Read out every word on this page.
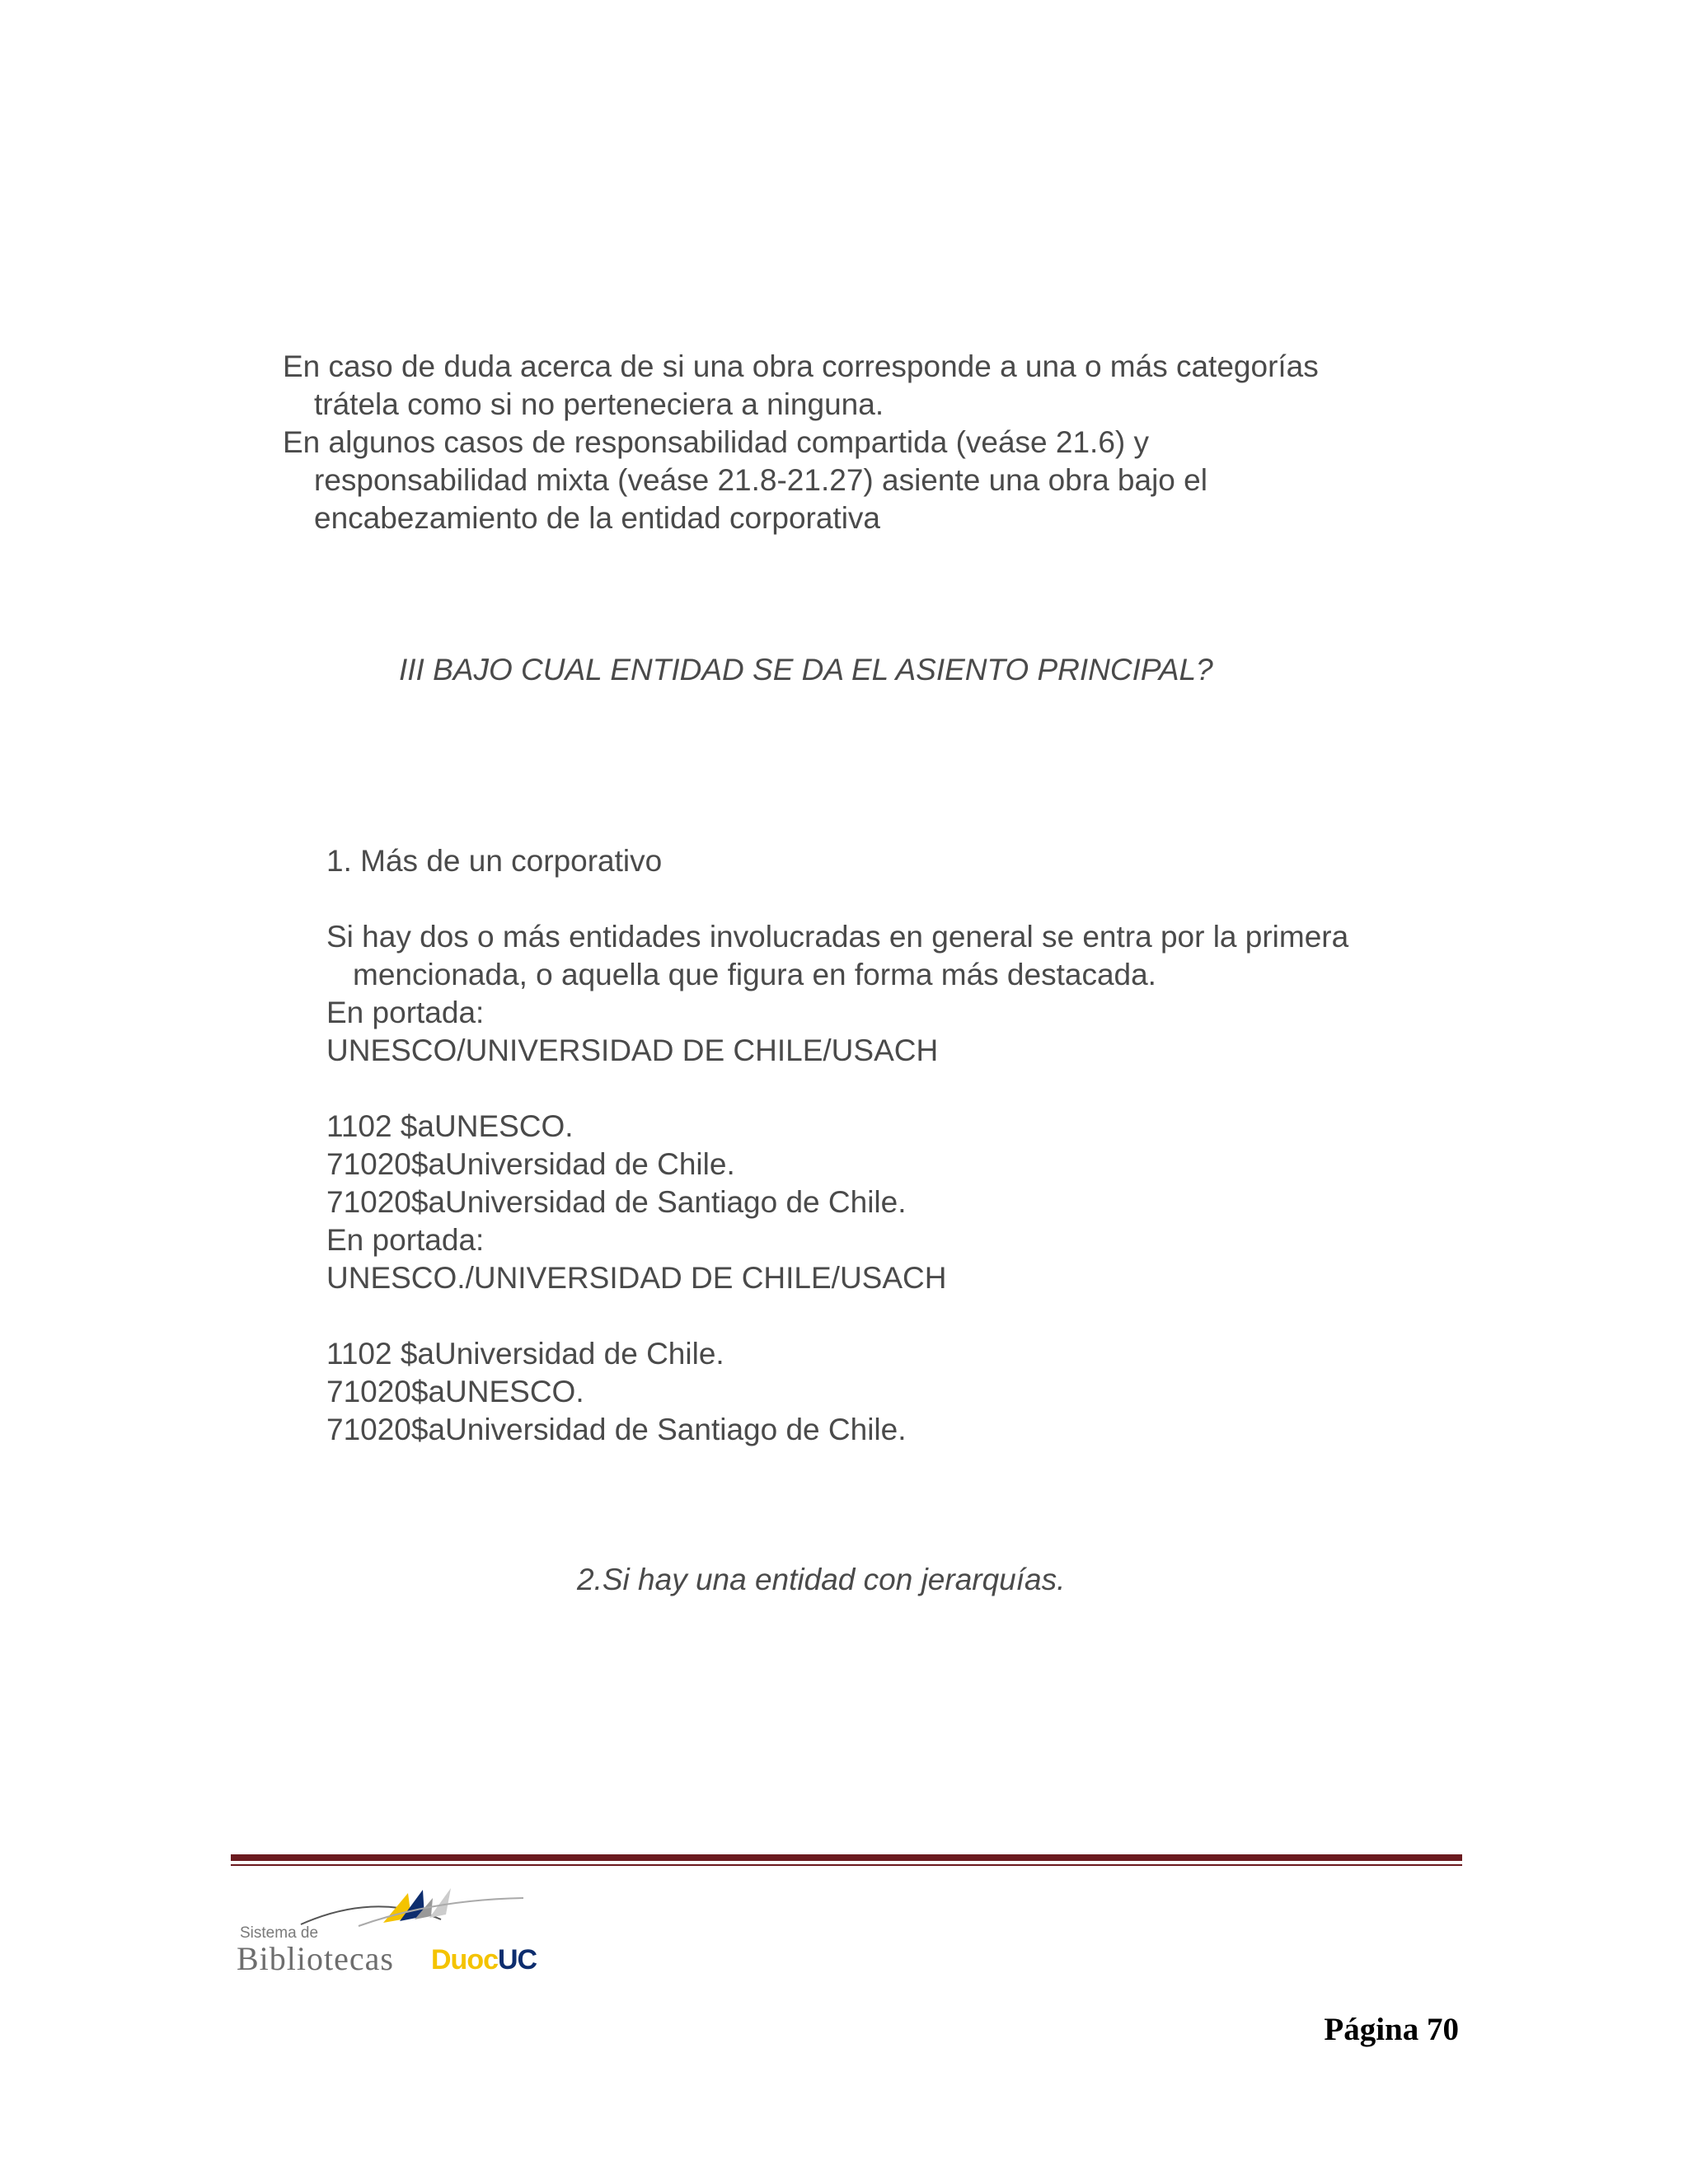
En caso de duda acerca de si una obra corresponde a una o más categorías

trátela como si no perteneciera a ninguna.

En algunos casos de responsabilidad compartida (veáse 21.6) y

responsabilidad mixta (veáse 21.8-21.27) asiente una obra bajo el

encabezamiento de la entidad corporativa

III BAJO CUAL ENTIDAD SE DA EL ASIENTO PRINCIPAL?

1. Más de un corporativo

Si hay dos o más entidades involucradas en general se entra por la primera

mencionada, o aquella que figura en forma más destacada.

En portada:

UNESCO/UNIVERSIDAD DE CHILE/USACH

1102 $aUNESCO.

71020$aUniversidad de Chile.

71020$aUniversidad de Santiago de Chile.

En portada:

UNESCO./UNIVERSIDAD DE CHILE/USACH

1102 $aUniversidad de Chile.

71020$aUNESCO.

71020$aUniversidad de Santiago de Chile.

2.Si hay una entidad con jerarquías.

Sistema de
Bibliotecas DuocUC
Página 70
